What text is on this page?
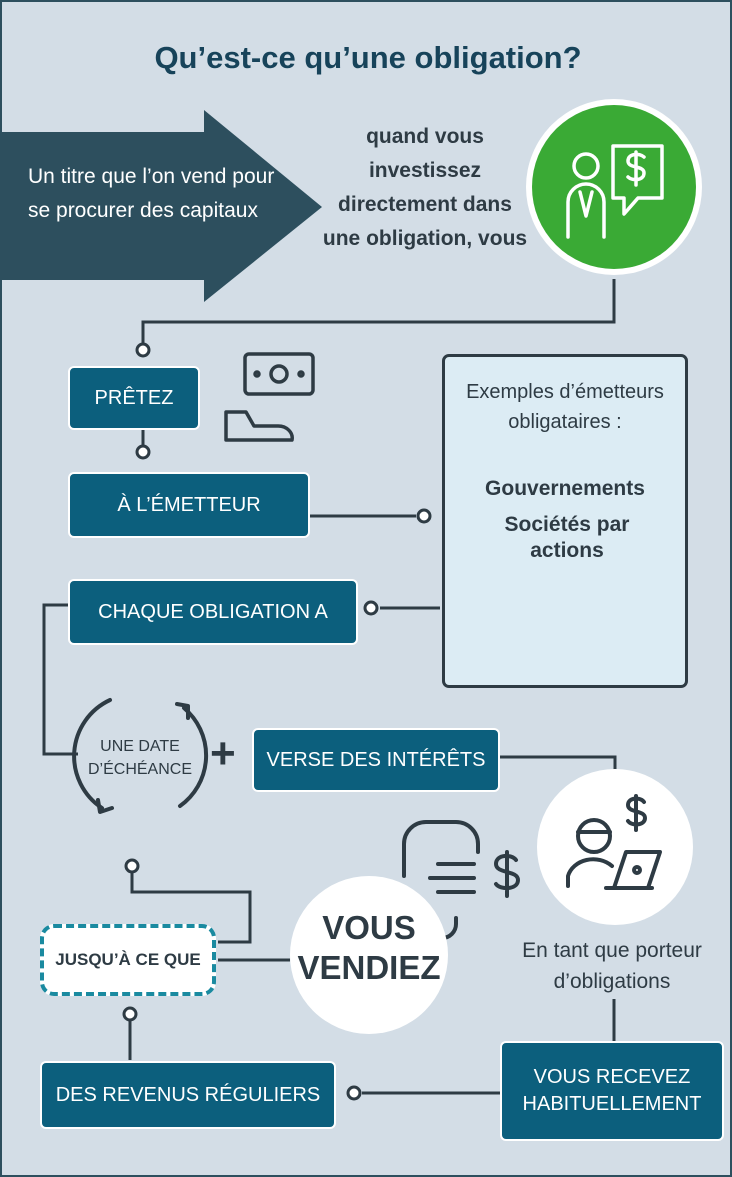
Qu’est-ce qu’une obligation?
Un titre que l’on vend pour se procurer des capitaux
quand vous investissez directement dans une obligation, vous
PRÊTEZ
À L’ÉMETTEUR
CHAQUE OBLIGATION A
Exemples d’émetteurs obligataires :
Gouvernements
Sociétés par actions
UNE DATE D’ÉCHÉANCE + VERSE DES INTÉRÊTS
JUSQU’À CE QUE
VOUS VENDIEZ	En tant que porteur d’obligations
VOUS RECEVEZ HABITUELLEMENT
DES REVENUS RÉGULIERS
